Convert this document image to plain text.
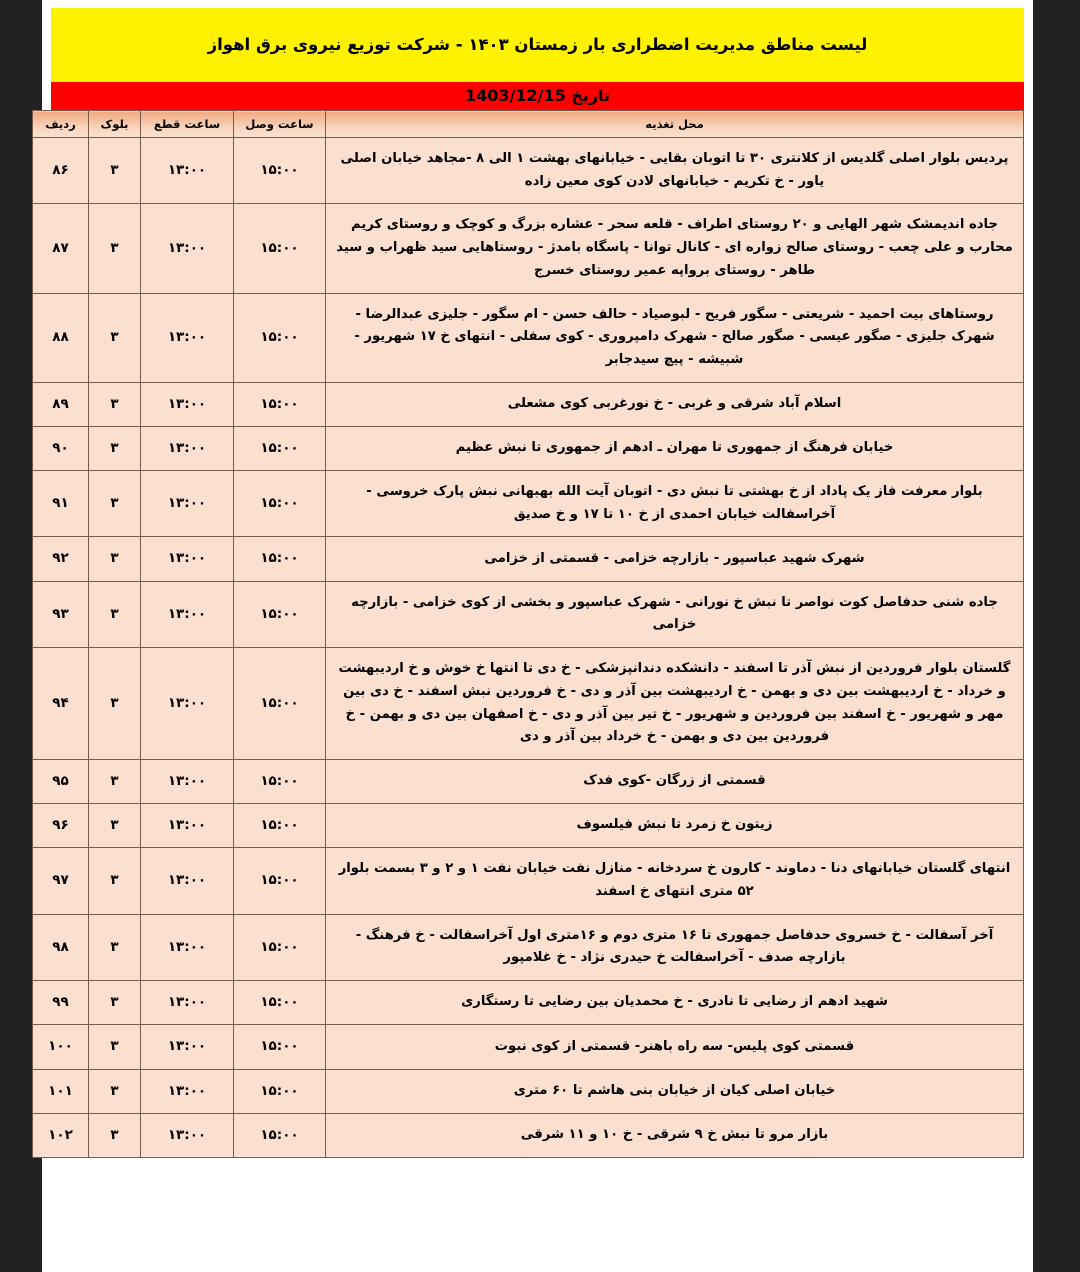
لیست مناطق مدیریت اضطراری بار زمستان ۱۴۰۳ - شرکت توزیع نیروی برق اهواز
تاریخ 1403/12/15
محل تغذیه	ساعت وصل	ساعت قطع	بلوک	ردیف
پردیس بلوار اصلی گلدیس از کلانتری ۳۰ تا اتوبان بقایی - خیابانهای بهشت ۱ الی ۸ -مجاهد خیابان اصلی یاور - خ تکریم - خیابانهای لادن کوی معین زاده	۱۵:۰۰	۱۳:۰۰	۳	۸۶
جاده اندیمشک شهر الهایی و ۲۰ روستای اطراف - قلعه سحر - عشاره بزرگ و کوچک و روستای کریم محارب و علی چعب - روستای صالح زواره ای - کانال توانا - پاسگاه بامدژ - روستاهایی سید ظهراب و سید طاهر - روستای برواپه عمیر روستای خسرج	۱۵:۰۰	۱۳:۰۰	۳	۸۷
روستاهای بیت احمید - شریعتی - سگور فریح - لبوصیاد - حالف حسن - ام سگور - جلیزی عبدالرضا - شهرک جلیزی - صگور عیسی - صگور صالح - شهرک دامپروری - کوی سفلی - انتهای خ ۱۷ شهریور - شبیشه - پیچ سیدجابر	۱۵:۰۰	۱۳:۰۰	۳	۸۸
اسلام آباد شرقی و غربی - خ نورغربی کوی مشعلی	۱۵:۰۰	۱۳:۰۰	۳	۸۹
خیابان فرهنگ از جمهوری تا مهران ـ ادهم از جمهوری تا نبش عظیم	۱۵:۰۰	۱۳:۰۰	۳	۹۰
بلوار معرفت فاز یک پاداد از خ بهشتی تا نبش دی - اتوبان آیت الله بهبهانی نبش پارک خروسی - آخراسفالت خیابان احمدی از خ ۱۰ تا ۱۷ و خ صدیق	۱۵:۰۰	۱۳:۰۰	۳	۹۱
شهرک شهید عباسپور - بازارچه خزامی - قسمتی از خزامی	۱۵:۰۰	۱۳:۰۰	۳	۹۲
جاده شنی حدفاصل کوت نواصر تا نبش خ نورانی - شهرک عباسپور و بخشی از کوی خزامی - بازارچه خزامی	۱۵:۰۰	۱۳:۰۰	۳	۹۳
گلستان بلوار فروردین از نبش آذر تا اسفند - دانشکده دندانپزشکی - خ دی تا انتها خ خوش و خ اردیبهشت و خرداد - خ اردیبهشت بین دی و بهمن - خ اردیبهشت بین آذر و دی - خ فروردین نبش اسفند - خ دی بین مهر و شهریور - خ اسفند بین فروردین و شهریور - خ تیر بین آذر و دی - خ اصفهان بین دی و بهمن - خ فروردین بین دی و بهمن - خ خرداد بین آذر و دی	۱۵:۰۰	۱۳:۰۰	۳	۹۴
قسمتی از زرگان -کوی فدک	۱۵:۰۰	۱۳:۰۰	۳	۹۵
زیتون خ زمرد تا نبش فیلسوف	۱۵:۰۰	۱۳:۰۰	۳	۹۶
انتهای گلستان خیابانهای دنا - دماوند - کارون خ سردخانه - منازل نفت خیابان نفت ۱ و ۲ و ۳ بسمت بلوار ۵۲ متری انتهای خ اسفند	۱۵:۰۰	۱۳:۰۰	۳	۹۷
آخر آسفالت - خ خسروی حدفاصل جمهوری تا ۱۶ متری دوم و ۱۶متری اول آخراسفالت - خ فرهنگ - بازارچه صدف - آخراسفالت خ حیدری نژاد - خ غلامپور	۱۵:۰۰	۱۳:۰۰	۳	۹۸
شهید ادهم از رضایی تا نادری - خ محمدیان بین رضایی تا رستگاری	۱۵:۰۰	۱۳:۰۰	۳	۹۹
قسمتی کوی پلیس- سه راه باهنر- قسمتی از کوی نبوت	۱۵:۰۰	۱۳:۰۰	۳	۱۰۰
خیابان اصلی کیان از خیابان بنی هاشم تا ۶۰ متری	۱۵:۰۰	۱۳:۰۰	۳	۱۰۱
بازار مرو تا نبش خ ۹ شرقی - خ ۱۰ و ۱۱ شرقی	۱۵:۰۰	۱۳:۰۰	۳	۱۰۲
